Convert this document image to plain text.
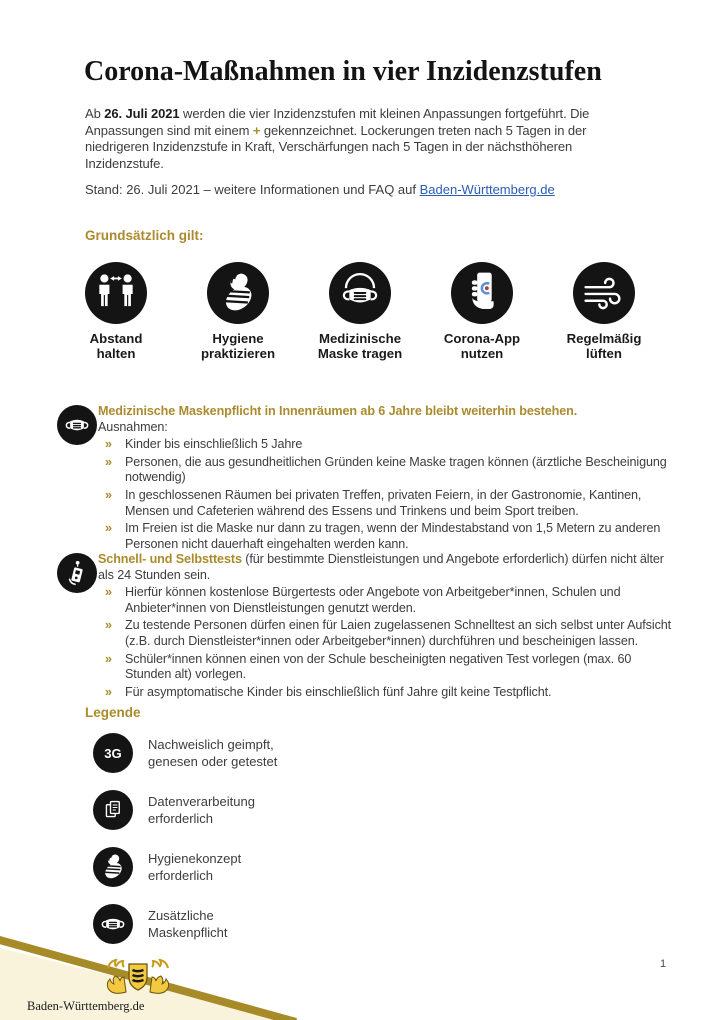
Corona-Maßnahmen in vier Inzidenzstufen

Ab 26. Juli 2021 werden die vier Inzidenzstufen mit kleinen Anpassungen fortgeführt. Die Anpassungen sind mit einem + gekennzeichnet. Lockerungen treten nach 5 Tagen in der niedrigeren Inzidenzstufe in Kraft, Verschärfungen nach 5 Tagen in der nächsthöheren Inzidenzstufe.

Stand: 26. Juli 2021 – weitere Informationen und FAQ auf Baden-Württemberg.de

Grundsätzlich gilt:
Abstand
halten
Hygiene
praktizieren
Medizinische
Maske tragen
Corona-App
nutzen
Regelmäßig
lüften
Medizinische Maskenpflicht in Innenräumen ab 6 Jahre bleibt weiterhin bestehen.
Ausnahmen:
» Kinder bis einschließlich 5 Jahre
» Personen, die aus gesundheitlichen Gründen keine Maske tragen können (ärztliche Bescheinigung notwendig)
» In geschlossenen Räumen bei privaten Treffen, privaten Feiern, in der Gastronomie, Kantinen, Mensen und Cafeterien während des Essens und Trinkens und beim Sport treiben.
» Im Freien ist die Maske nur dann zu tragen, wenn der Mindestabstand von 1,5 Metern zu anderen Personen nicht dauerhaft eingehalten werden kann.
Schnell- und Selbsttests (für bestimmte Dienstleistungen und Angebote erforderlich) dürfen nicht älter als 24 Stunden sein.
» Hierfür können kostenlose Bürgertests oder Angebote von Arbeitgeber*innen, Schulen und Anbieter*innen von Dienstleistungen genutzt werden.
» Zu testende Personen dürfen einen für Laien zugelassenen Schnelltest an sich selbst unter Aufsicht (z.B. durch Dienstleister*innen oder Arbeitgeber*innen) durchführen und bescheinigen lassen.
» Schüler*innen können einen von der Schule bescheinigten negativen Test vorlegen (max. 60 Stunden alt) vorlegen.
» Für asymptomatische Kinder bis einschließlich fünf Jahre gilt keine Testpflicht.
Legende
3G
Nachweislich geimpft,
genesen oder getestet
Datenverarbeitung
erforderlich
Hygienekonzept
erforderlich
Zusätzliche
Maskenpflicht
1
Baden-Württemberg.de
